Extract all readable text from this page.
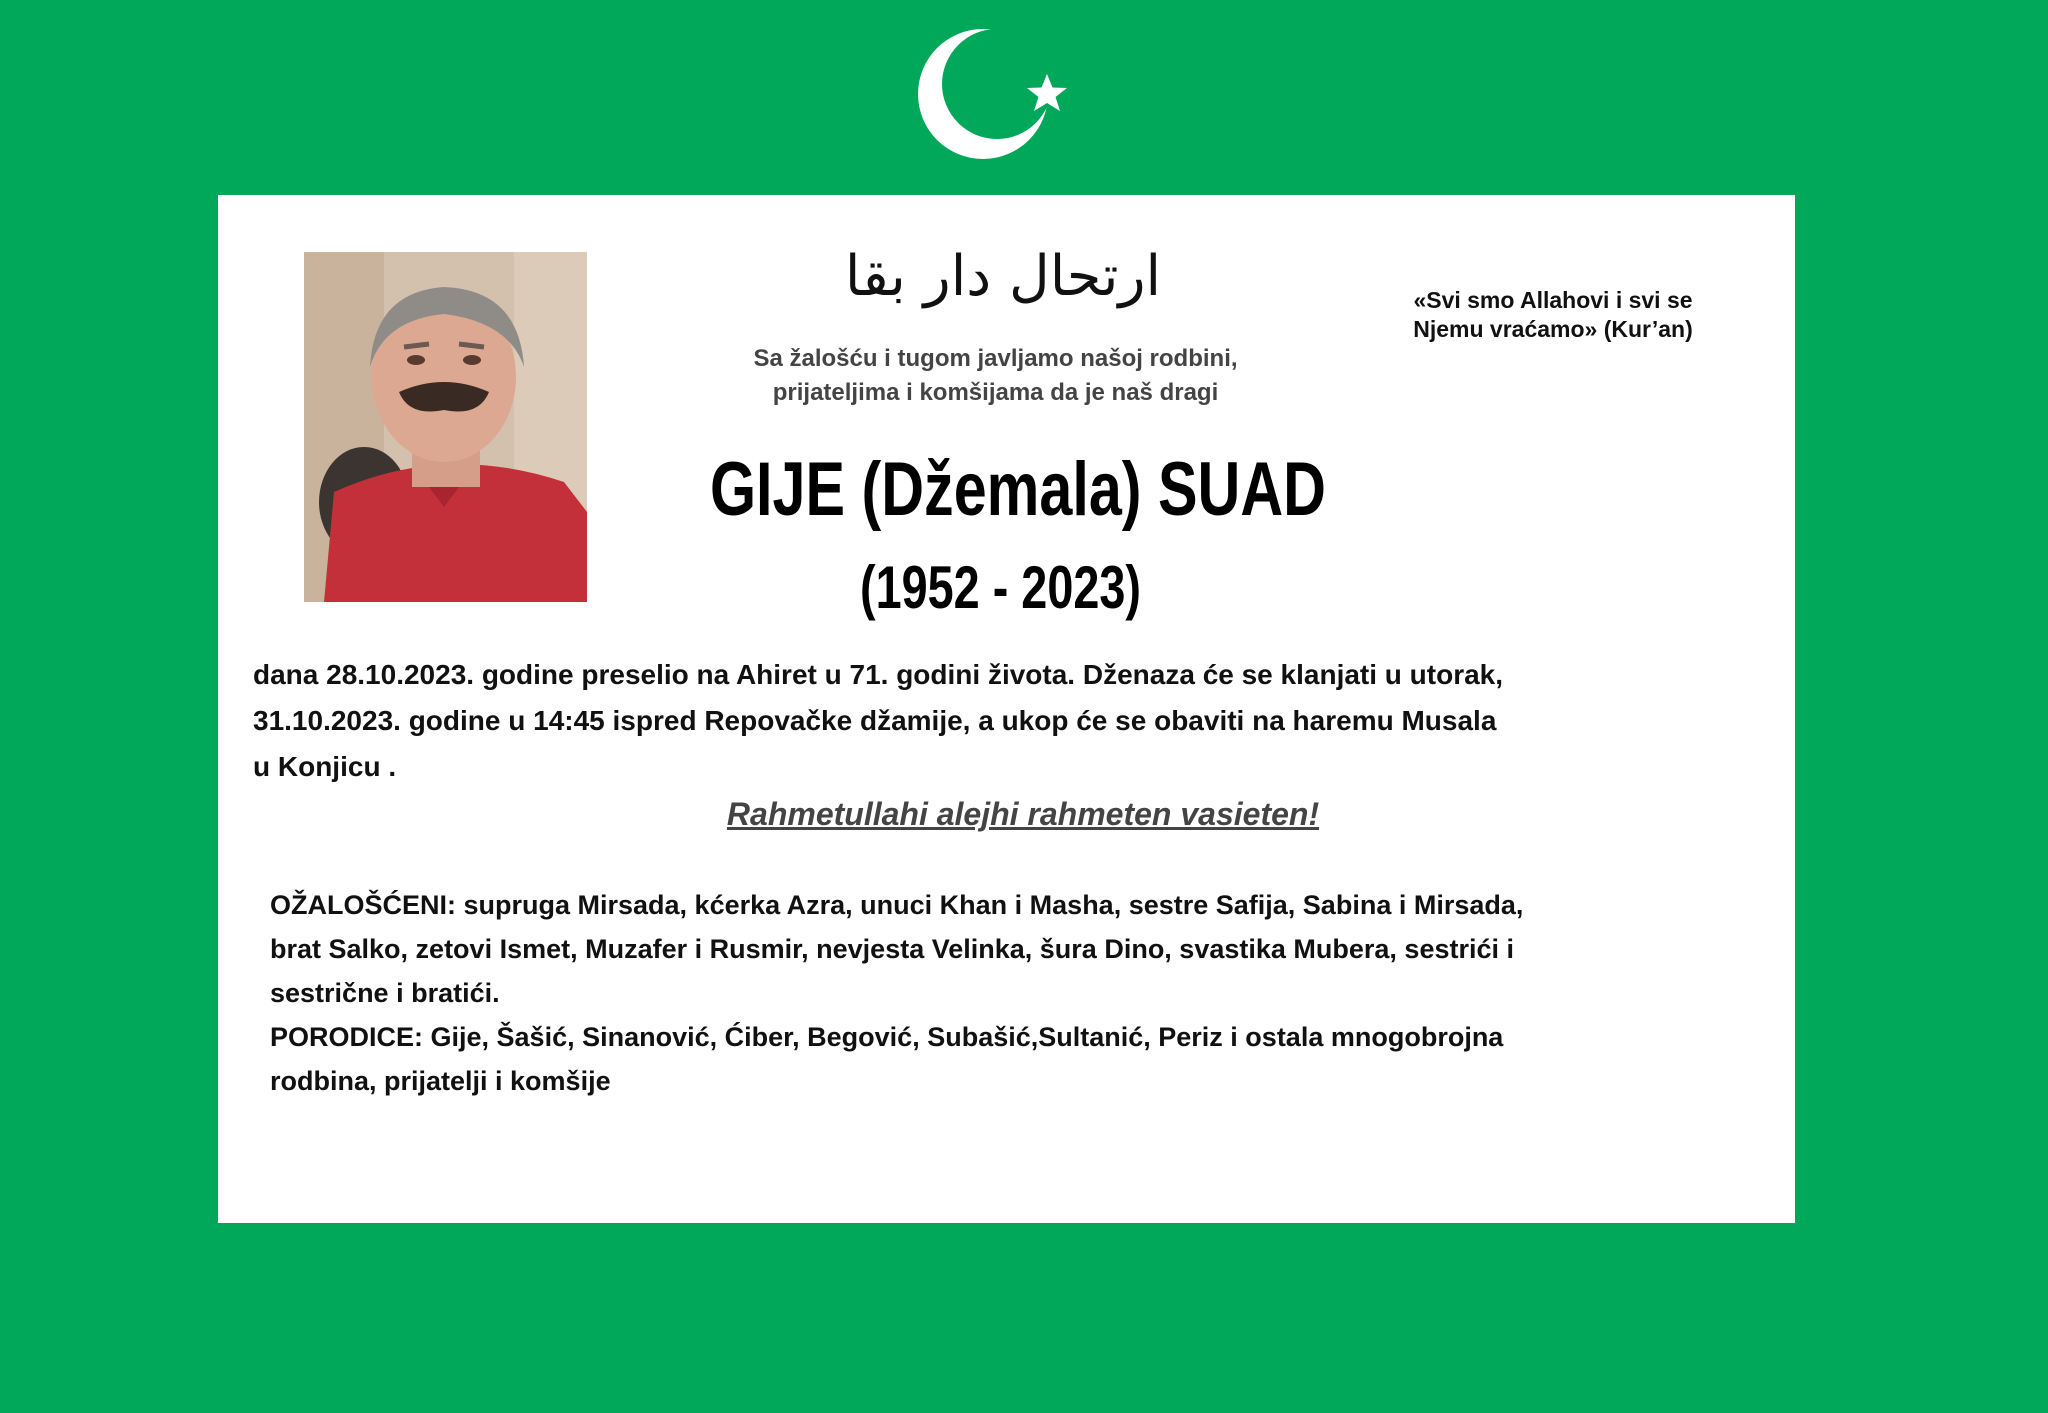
ارتحال دار بقا	«Svi smo Allahovi i svi se
Njemu vraćamo» (Kur’an)
Sa žalošću i tugom javljamo našoj rodbini,
prijateljima i komšijama da je naš dragi
GIJE (Džemala) SUAD
(1952 - 2023)

dana 28.10.2023. godine preselio na Ahiret u 71. godini života. Dženaza će se klanjati u utorak,

31.10.2023. godine u 14:45 ispred Repovačke džamije, a ukop će se obaviti na haremu Musala

u Konjicu .

Rahmetullahi alejhi rahmeten vasieten!

OŽALOŠĆENI: supruga Mirsada, kćerka Azra, unuci Khan i Masha, sestre Safija, Sabina i Mirsada,

brat Salko, zetovi Ismet, Muzafer i Rusmir, nevjesta Velinka, šura Dino, svastika Mubera, sestrići i

sestrične i bratići.

PORODICE: Gije, Šašić, Sinanović, Ćiber, Begović, Subašić,Sultanić, Periz i ostala mnogobrojna

rodbina, prijatelji i komšije
